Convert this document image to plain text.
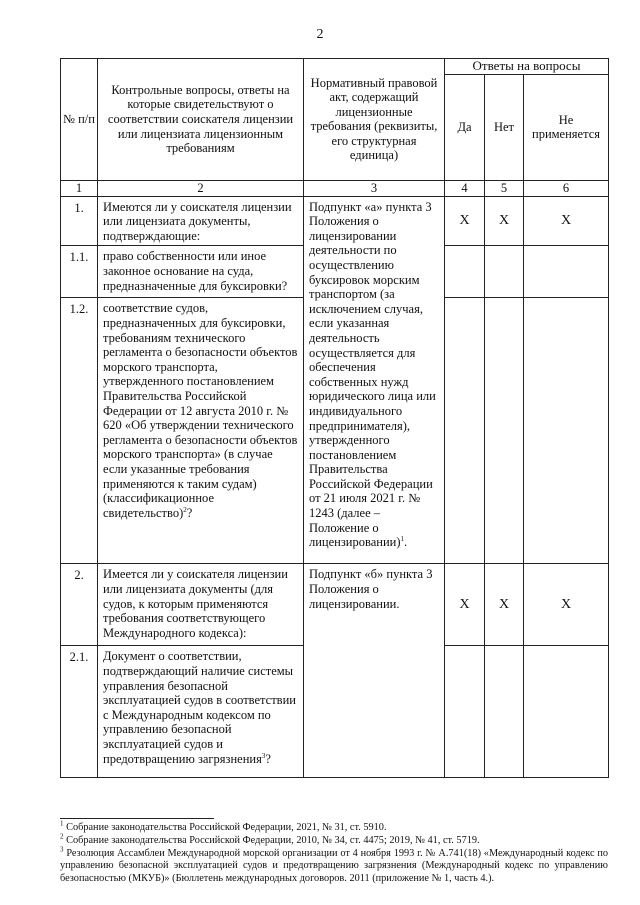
2
№ п/п	Контрольные вопросы, ответы на которые свидетельствуют о соответствии соискателя лицензии или лицензиата лицензионным требованиям	Нормативный правовой акт, содержащий лицензионные требования (реквизиты, его структурная единица)	Ответы на вопросы		
			Да	Нет	Не применяется
1	2	3	4	5	6
1.	Имеются ли у соискателя лицензии или лицензиата документы, подтверждающие:	Подпункт «а» пункта 3 Положения о лицензировании деятельности по осуществлению буксировок морским транспортом (за исключением случая, если указанная деятельность осуществляется для обеспечения собственных нужд юридического лица или индивидуального предпринимателя), утвержденного постановлением Правительства Российской Федерации от 21 июля 2021 г. № 1243 (далее – Положение о лицензировании)$^1$.	X	X	X
1.1.	право собственности или иное законное основание на суда, предназначенные для буксировки?				
1.2.	соответствие судов, предназначенных для буксировки, требованиям технического регламента о безопасности объектов морского транспорта, утвержденного постановлением Правительства Российской Федерации от 12 августа 2010 г. № 620 «Об утверждении технического регламента о безопасности объектов морского транспорта» (в случае если указанные требования применяются к таким судам) (классификационное свидетельство)$^2$?				
2.	Имеется ли у соискателя лицензии или лицензиата документы (для судов, к которым применяются требования соответствующего Международного кодекса):	Подпункт «б» пункта 3 Положения о лицензировании.	X	X	X
2.1.	Документ о соответствии, подтверждающий наличие системы управления безопасной эксплуатацией судов в соответствии с Международным кодексом по управлению безопасной эксплуатацией судов и предотвращению загрязнения$^3$?				

$^1$ Собрание законодательства Российской Федерации, 2021, № 31, ст. 5910.

$^2$ Собрание законодательства Российской Федерации, 2010, № 34, ст. 4475; 2019, № 41, ст. 5719.

$^3$ Резолюция Ассамблеи Международной морской организации от 4 ноября 1993 г. № А.741(18) «Международный кодекс по управлению безопасной эксплуатацией судов и предотвращению загрязнения (Международный кодекс по управлению безопасностью (МКУБ)» (Бюллетень международных договоров. 2011 (приложение № 1, часть 4.).
